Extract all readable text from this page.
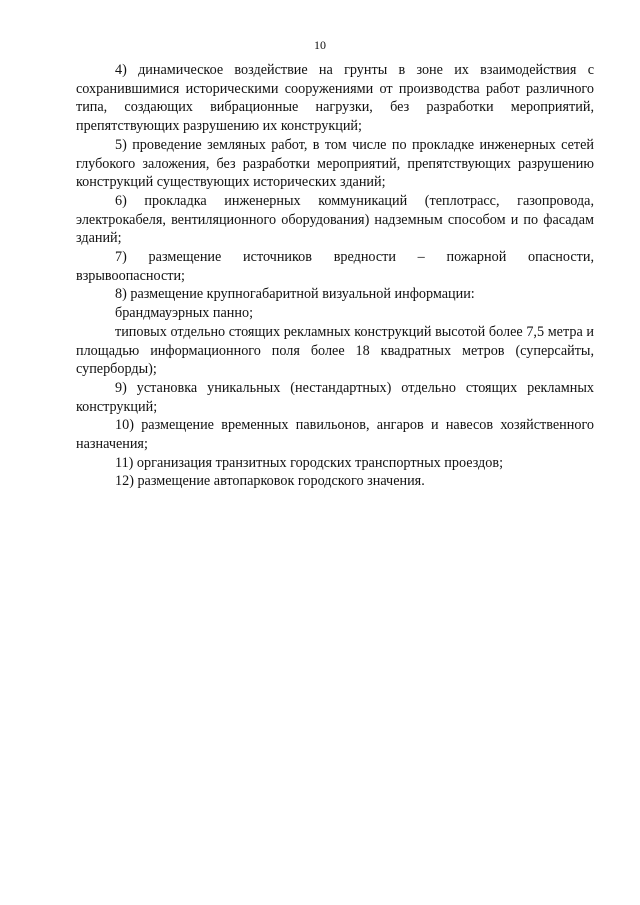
10

4) динамическое воздействие на грунты в зоне их взаимодействия с сохранившимися историческими сооружениями от производства работ различного типа, создающих вибрационные нагрузки, без разработки мероприятий, препятствующих разрушению их конструкций;

5) проведение земляных работ, в том числе по прокладке инженерных сетей глубокого заложения, без разработки мероприятий, препятствующих разрушению конструкций существующих исторических зданий;

6) прокладка инженерных коммуникаций (теплотрасс, газопровода, электрокабеля, вентиляционного оборудования) надземным способом и по фасадам зданий;

7) размещение источников вредности – пожарной опасности, взрывоопасности;

8) размещение крупногабаритной визуальной информации:

брандмауэрных панно;

типовых отдельно стоящих рекламных конструкций высотой более 7,5 метра и площадью информационного поля более 18 квадратных метров (суперсайты, суперборды);

9) установка уникальных (нестандартных) отдельно стоящих рекламных конструкций;

10) размещение временных павильонов, ангаров и навесов хозяйственного назначения;

11) организация транзитных городских транспортных проездов;

12) размещение автопарковок городского значения.
